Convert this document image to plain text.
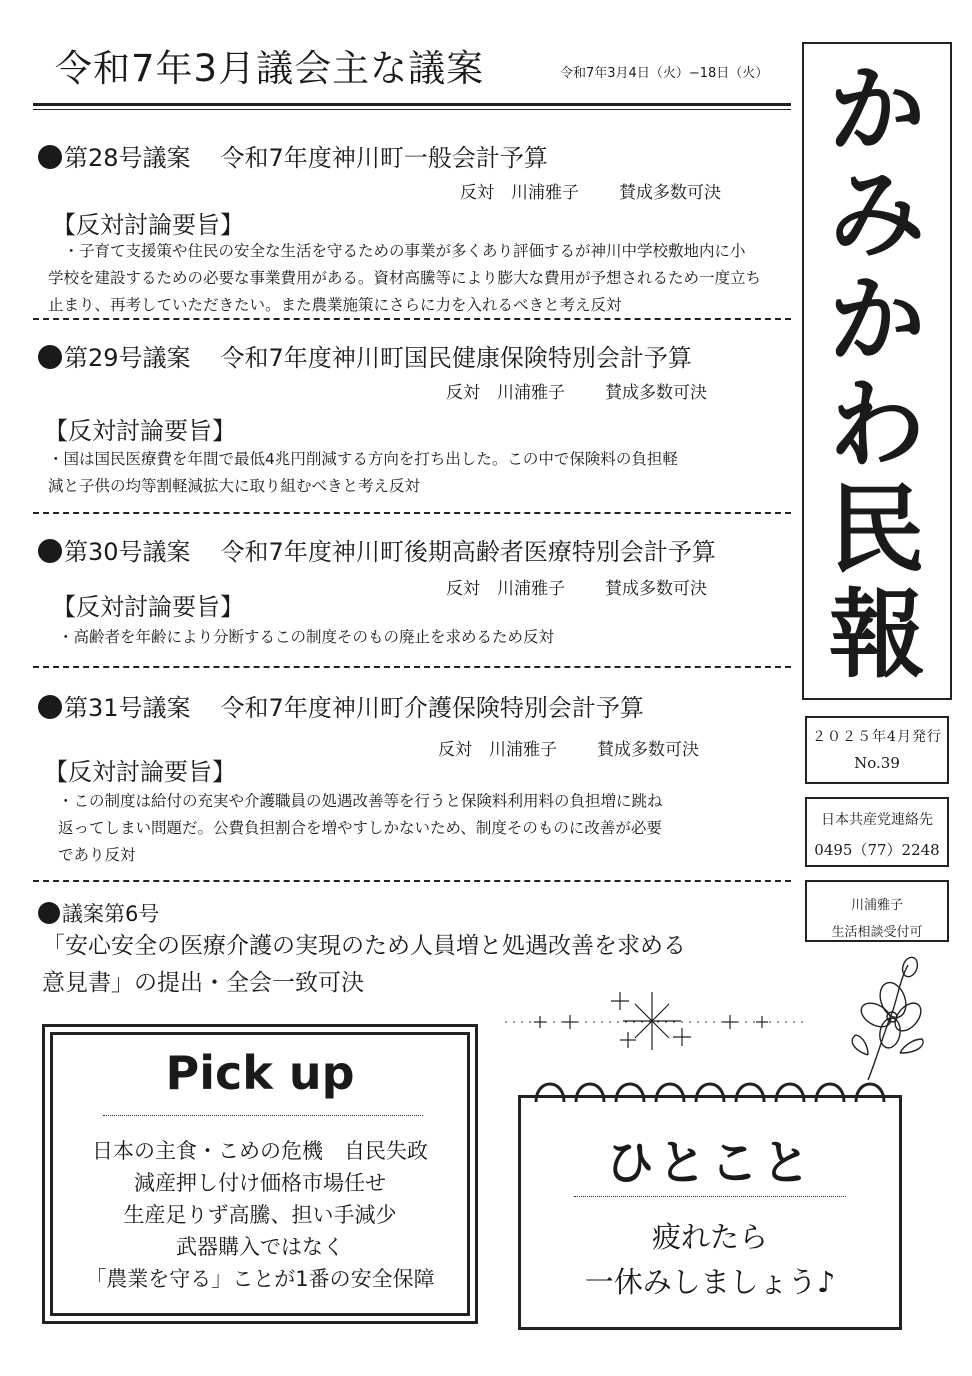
令和7年3月議会主な議案	令和7年3月4日（火）−18日（火）
第28号議案 令和7年度神川町一般会計予算
反対　川浦雅子 賛成多数可決
【反対討論要旨】
　・子育て支援策や住民の安全な生活を守るための事業が多くあり評価するが神川中学校敷地内に小
学校を建設するための必要な事業費用がある。資材高騰等により膨大な費用が予想されるため一度立ち
止まり、再考していただきたい。また農業施策にさらに力を入れるべきと考え反対
第29号議案 令和7年度神川町国民健康保険特別会計予算
反対　川浦雅子 賛成多数可決
【反対討論要旨】
・国は国民医療費を年間で最低4兆円削減する方向を打ち出した。この中で保険料の負担軽
減と子供の均等割軽減拡大に取り組むべきと考え反対
第30号議案 令和7年度神川町後期高齢者医療特別会計予算
反対　川浦雅子 賛成多数可決
【反対討論要旨】
・高齢者を年齢により分断するこの制度そのもの廃止を求めるため反対
第31号議案 令和7年度神川町介護保険特別会計予算
反対　川浦雅子 賛成多数可決
【反対討論要旨】
・この制度は給付の充実や介護職員の処遇改善等を行うと保険料利用料の負担増に跳ね
返ってしまい問題だ。公費負担割合を増やすしかないため、制度そのものに改善が必要
であり反対
議案第6号
「安心安全の医療介護の実現のため人員増と処遇改善を求める
意見書」の提出・全会一致可決
か
み
か
わ
民
報
２０２５年4月発行
No.39
日本共産党連絡先
0495（77）2248
川浦雅子
生活相談受付可
Pick up
日本の主食・こめの危機　自民失政
減産押し付け価格市場任せ
生産足りず高騰、担い手減少
武器購入ではなく
「農業を守る」ことが1番の安全保障
ひとこと
疲れたら
一休みしましょう♪
